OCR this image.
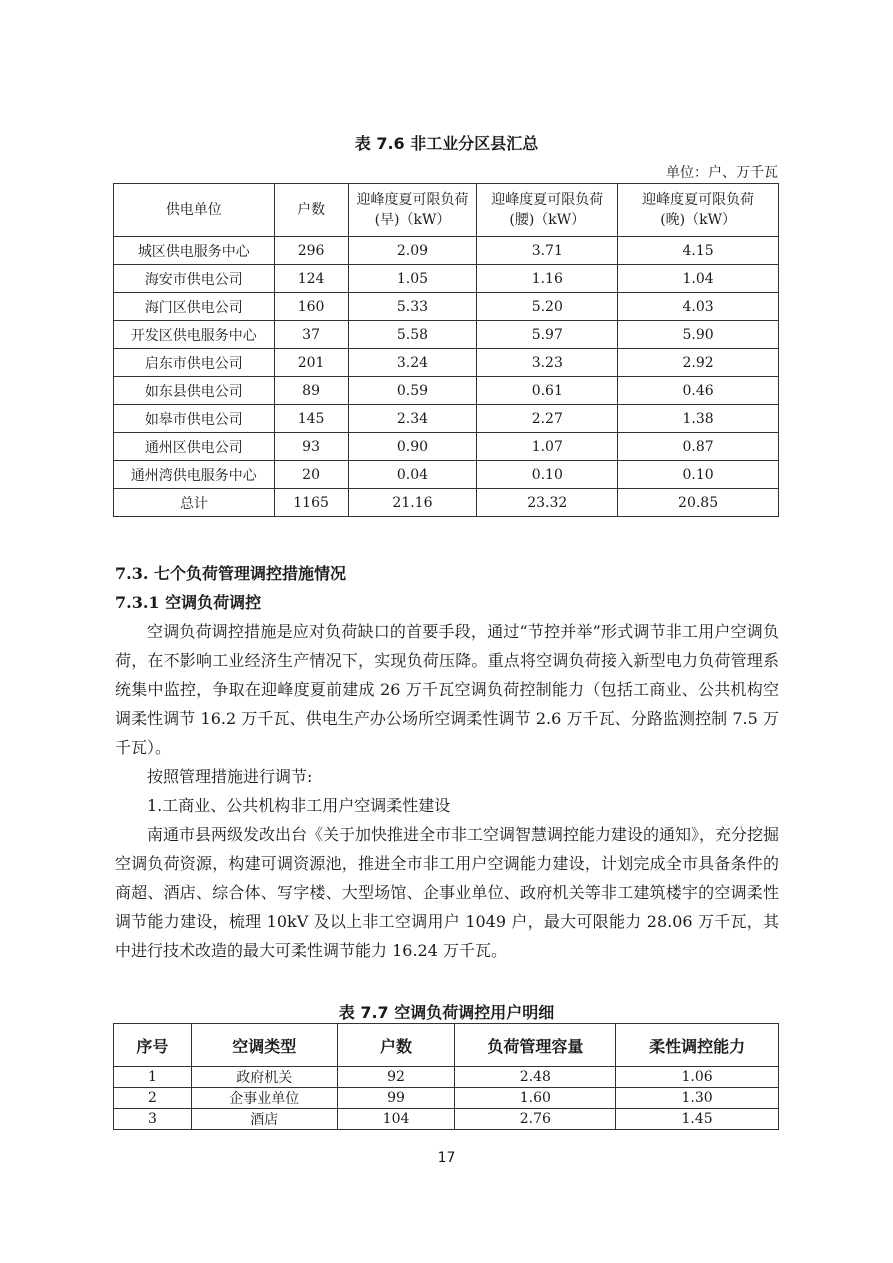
表 7.6 非工业分区县汇总
单位：户、万千瓦
供电单位	户数	迎峰度夏可限负荷(早)（kW）	迎峰度夏可限负荷(腰)（kW）	迎峰度夏可限负荷(晚)（kW）
城区供电服务中心	296	2.09	3.71	4.15
海安市供电公司	124	1.05	1.16	1.04
海门区供电公司	160	5.33	5.20	4.03
开发区供电服务中心	37	5.58	5.97	5.90
启东市供电公司	201	3.24	3.23	2.92
如东县供电公司	89	0.59	0.61	0.46
如皋市供电公司	145	2.34	2.27	1.38
通州区供电公司	93	0.90	1.07	0.87
通州湾供电服务中心	20	0.04	0.10	0.10
总计	1165	21.16	23.32	20.85
7.3. 七个负荷管理调控措施情况
7.3.1 空调负荷调控

空调负荷调控措施是应对负荷缺口的首要手段，通过“节控并举”形式调节非工用户空调负荷，在不影响工业经济生产情况下，实现负荷压降。重点将空调负荷接入新型电力负荷管理系统集中监控，争取在迎峰度夏前建成 26 万千瓦空调负荷控制能力（包括工商业、公共机构空调柔性调节 16.2 万千瓦、供电生产办公场所空调柔性调节 2.6 万千瓦、分路监测控制 7.5 万千瓦）。

按照管理措施进行调节:

1.工商业、公共机构非工用户空调柔性建设

南通市县两级发改出台《关于加快推进全市非工空调智慧调控能力建设的通知》，充分挖掘空调负荷资源，构建可调资源池，推进全市非工用户空调能力建设，计划完成全市具备条件的商超、酒店、综合体、写字楼、大型场馆、企事业单位、政府机关等非工建筑楼宇的空调柔性调节能力建设，梳理 10kV 及以上非工空调用户 1049 户，最大可限能力 28.06 万千瓦，其中进行技术改造的最大可柔性调节能力 16.24 万千瓦。

表 7.7 空调负荷调控用户明细
序号	空调类型	户数	负荷管理容量	柔性调控能力
1	政府机关	92	2.48	1.06
2	企事业单位	99	1.60	1.30
3	酒店	104	2.76	1.45
17
